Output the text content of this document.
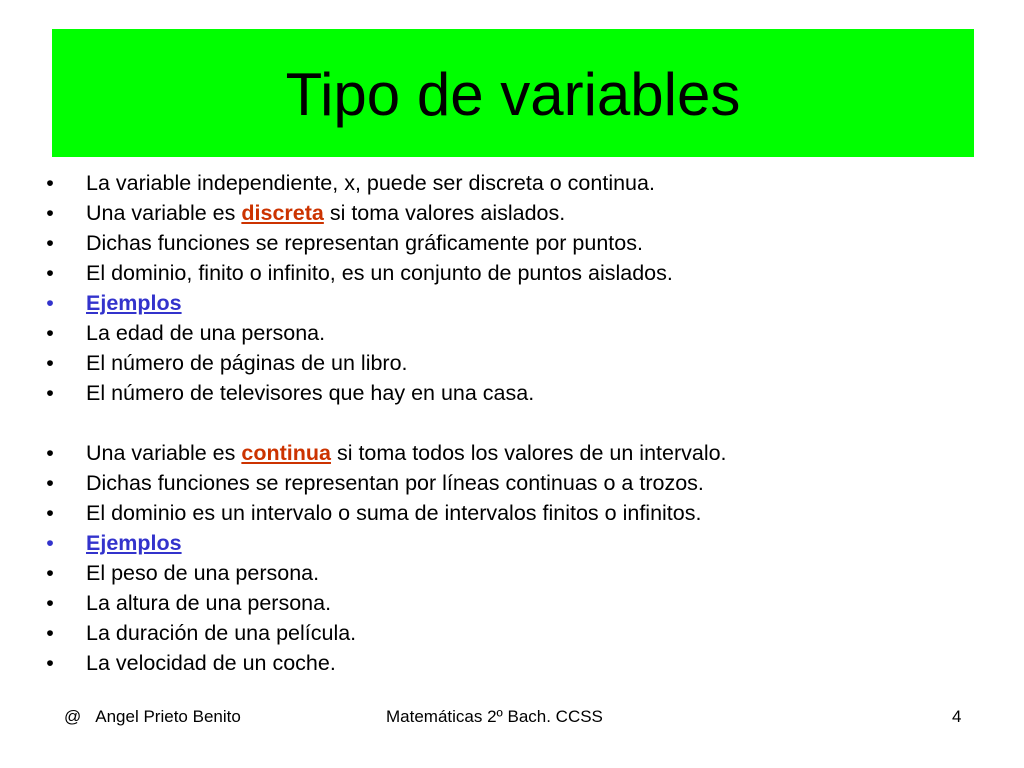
Tipo de variables
• La variable independiente, x, puede ser discreta o continua.
• Una variable es discreta si toma valores aislados.
• Dichas funciones se representan gráficamente por puntos.
• El dominio, finito o infinito, es un conjunto de puntos aislados.
• Ejemplos
• La edad de una persona.
• El número de páginas de un libro.
• El número de televisores que hay en una casa.
• Una variable es continua si toma todos los valores de un intervalo.
• Dichas funciones se representan por líneas continuas o a trozos.
• El dominio es un intervalo o suma de intervalos finitos o infinitos.
• Ejemplos
• El peso de una persona.
• La altura de una persona.
• La duración de una película.
• La velocidad de un coche.
@ Angel Prieto Benito	Matemáticas 2º Bach. CCSS	4
